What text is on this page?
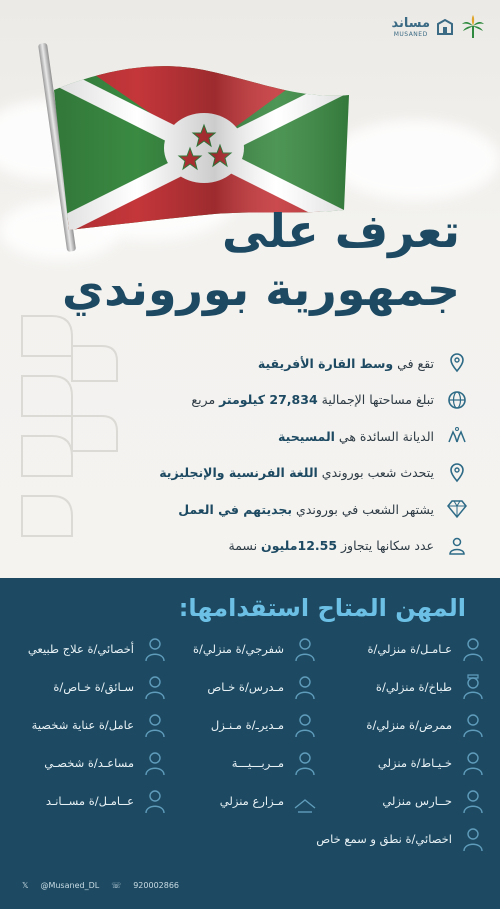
مساند
MUSANED
تعرف على
جمهورية بوروندي
تقع في وسط القارة الأفريقية
تبلغ مساحتها الإجمالية 27,834 كيلومتر مربع
الديانة السائدة هي المسيحية
يتحدث شعب بوروندي اللغة الفرنسية والإنجليزية
يشتهر الشعب في بوروندي بجديتهم في العمل
عدد سكانها يتجاوز 12.55مليون نسمة
المهن المتاح استقدامها:
عـامـل/ة منزلي/ة
شفرجي/ة منزلي/ة
أخصائي/ة علاج طبيعي
طباخ/ة منزلي/ة
مـدرس/ة خـاص
سـائق/ة خـاص/ة
ممرض/ة منزلي/ة
مـديرـ/ة مـنـزل
عامل/ة عناية شخصية
خـيـاط/ة منزلي
مــربـــيـــة
مساعـد/ة شخصـي
حــارس منزلي
مـزارع منزلي
عــامـل/ة مســانـد
اخصائي/ة نطق و سمع خاص
𝕏 @Musaned_DL ☏ 920002866
